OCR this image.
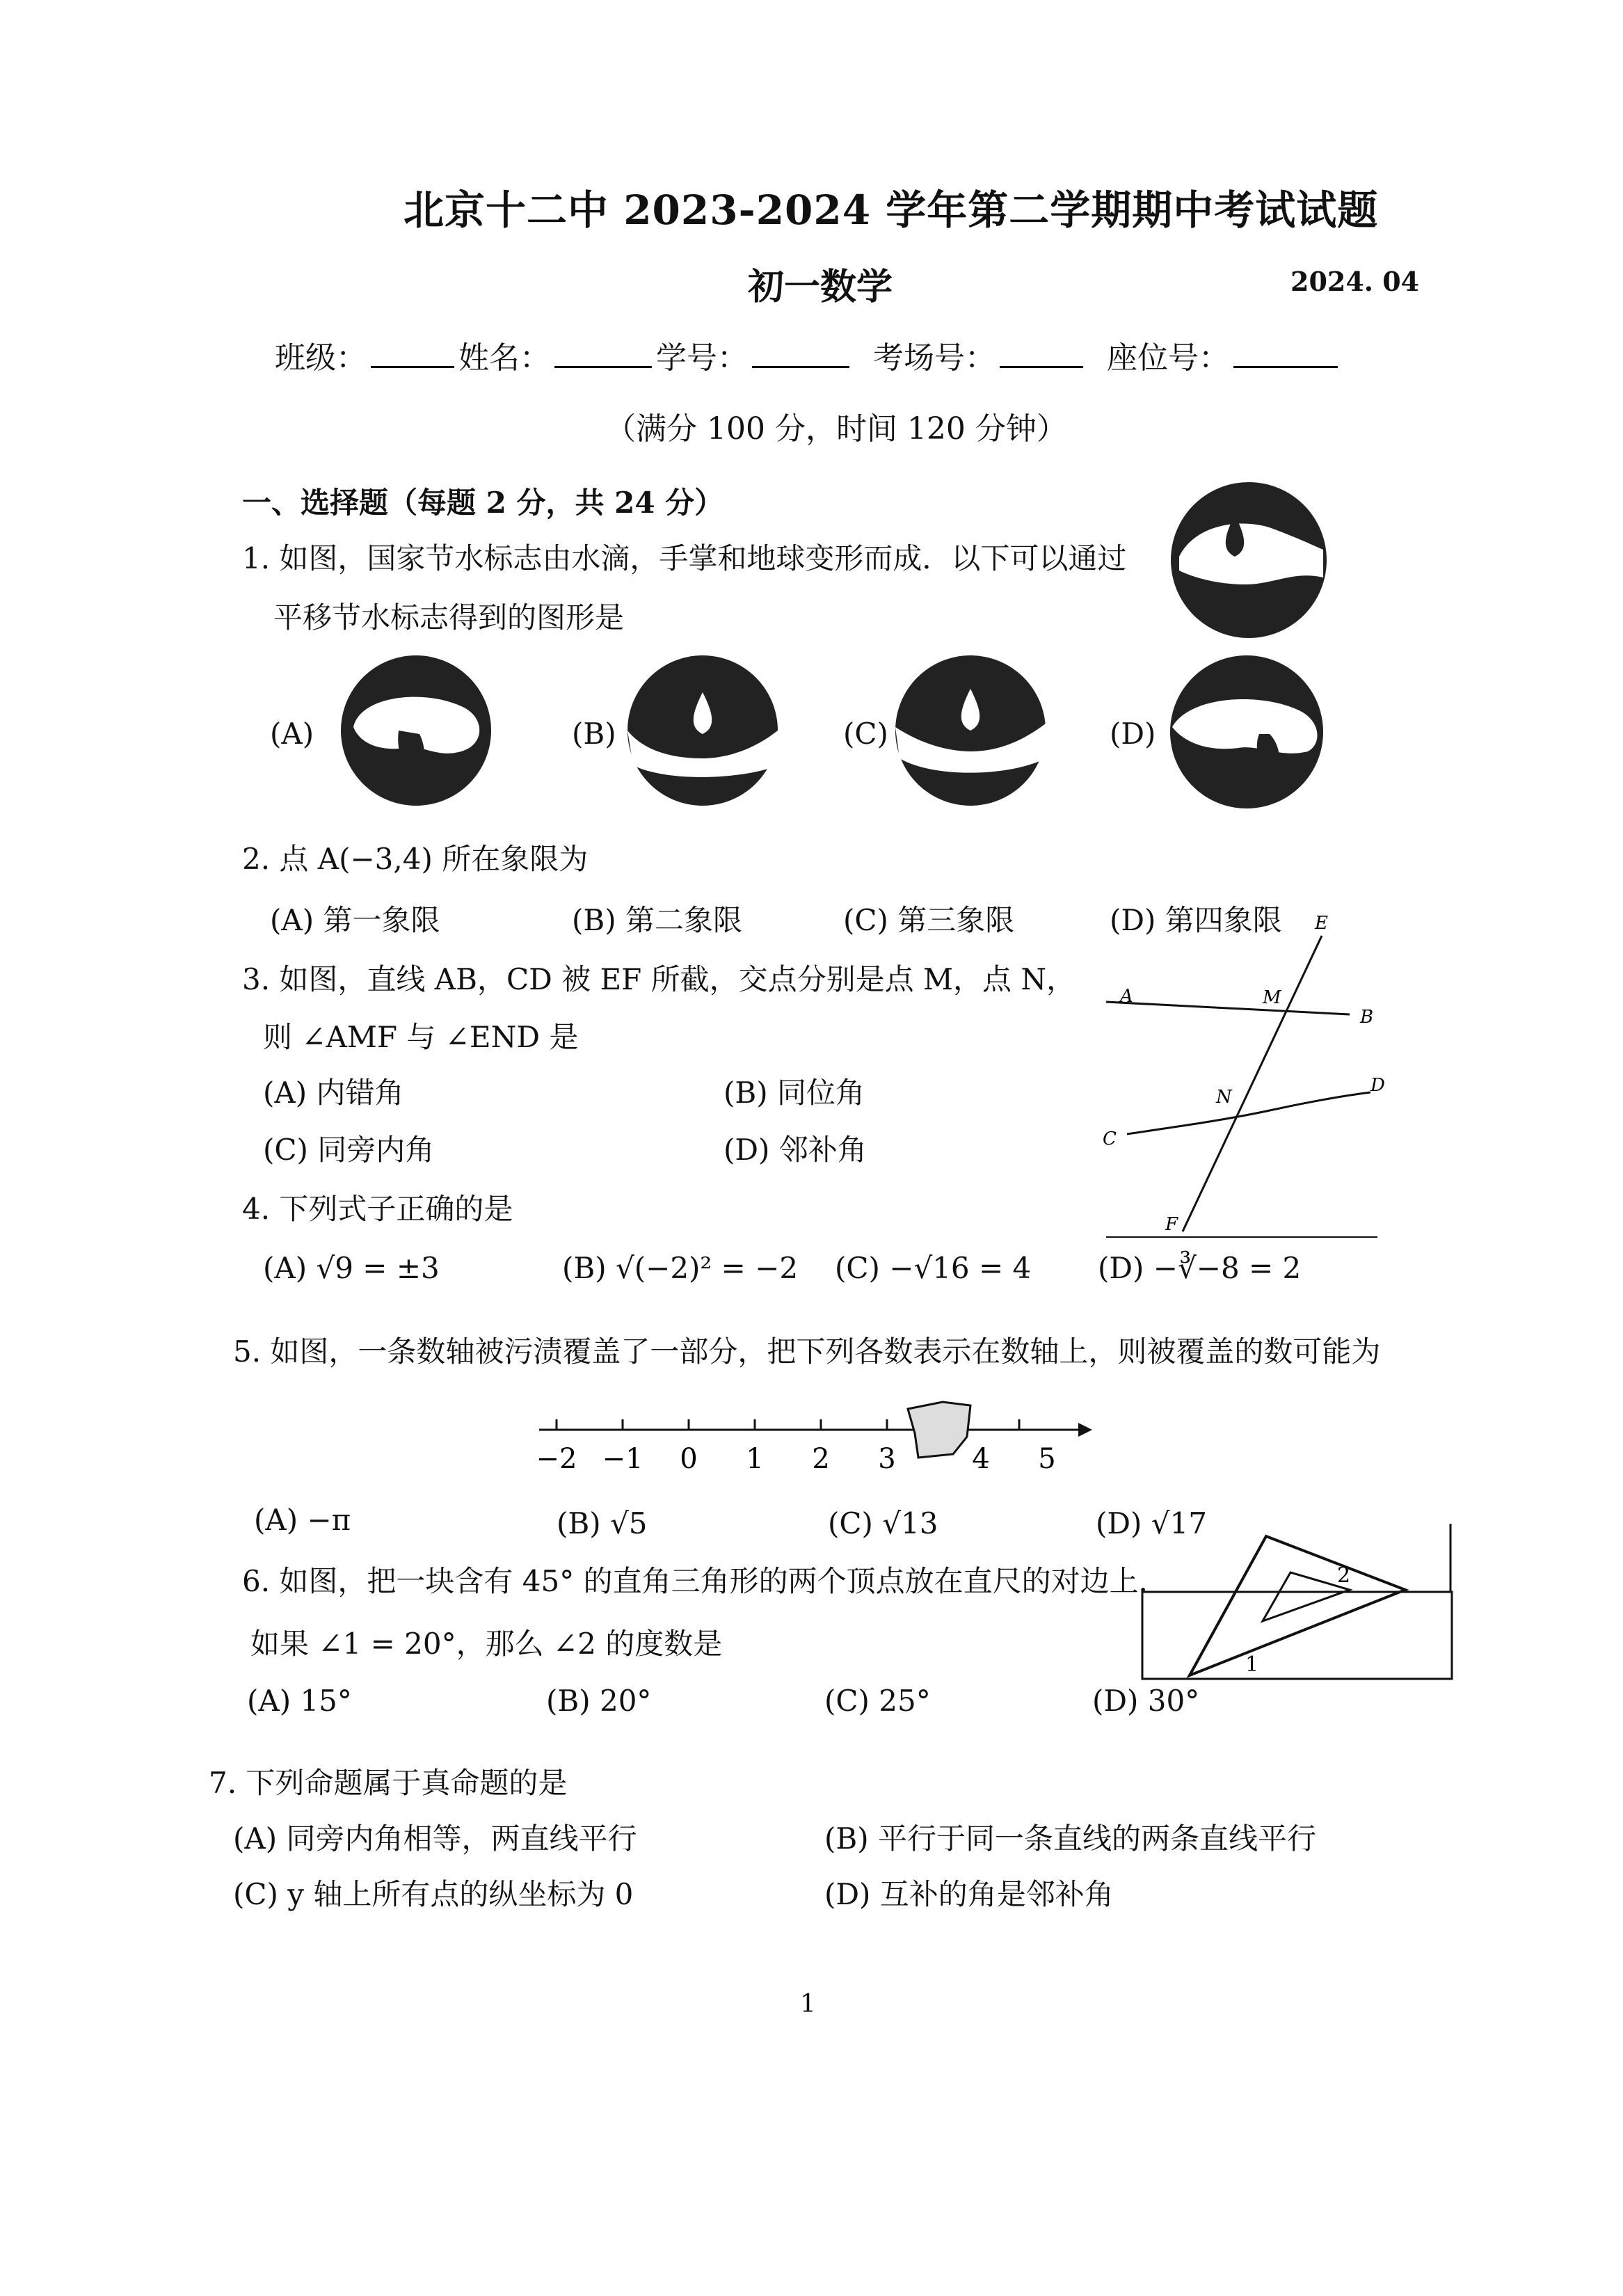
北京十二中 2023-2024 学年第二学期期中考试试题
初一数学	2024. 04
班级：	姓名：	学号：	考场号：	座位号：
（满分 100 分，时间 120 分钟）
一、选择题（每题 2 分，共 24 分）
1. 如图，国家节水标志由水滴，手掌和地球变形而成．以下可以通过
平移节水标志得到的图形是
(A)	(B)	(C)	(D)
2. 点 A(−3,4) 所在象限为
(A) 第一象限	(B) 第二象限	(C) 第三象限	(D) 第四象限
3. 如图，直线 AB，CD 被 EF 所截，交点分别是点 M，点 N，
则 ∠AMF 与 ∠END 是
(A) 内错角	(B) 同位角
(C) 同旁内角	(D) 邻补角
E
A	M
B
N
D
C
F
4. 下列式子正确的是
(A) √9 = ±3	(B) √(−2)² = −2 (C) −√16 = 4 (D) −∛−8 = 2
5. 如图，一条数轴被污渍覆盖了一部分，把下列各数表示在数轴上，则被覆盖的数可能为
−2 −1 0 1 2 3	4 5
(A) −π	(B) √5	(C) √13	(D) √17
6. 如图，把一块含有 45° 的直角三角形的两个顶点放在直尺的对边上．
如果 ∠1 = 20°，那么 ∠2 的度数是
1
2
(A) 15°	(B) 20°	(C) 25°	(D) 30°
7. 下列命题属于真命题的是
(A) 同旁内角相等，两直线平行	(B) 平行于同一条直线的两条直线平行
(C) y 轴上所有点的纵坐标为 0	(D) 互补的角是邻补角
1
